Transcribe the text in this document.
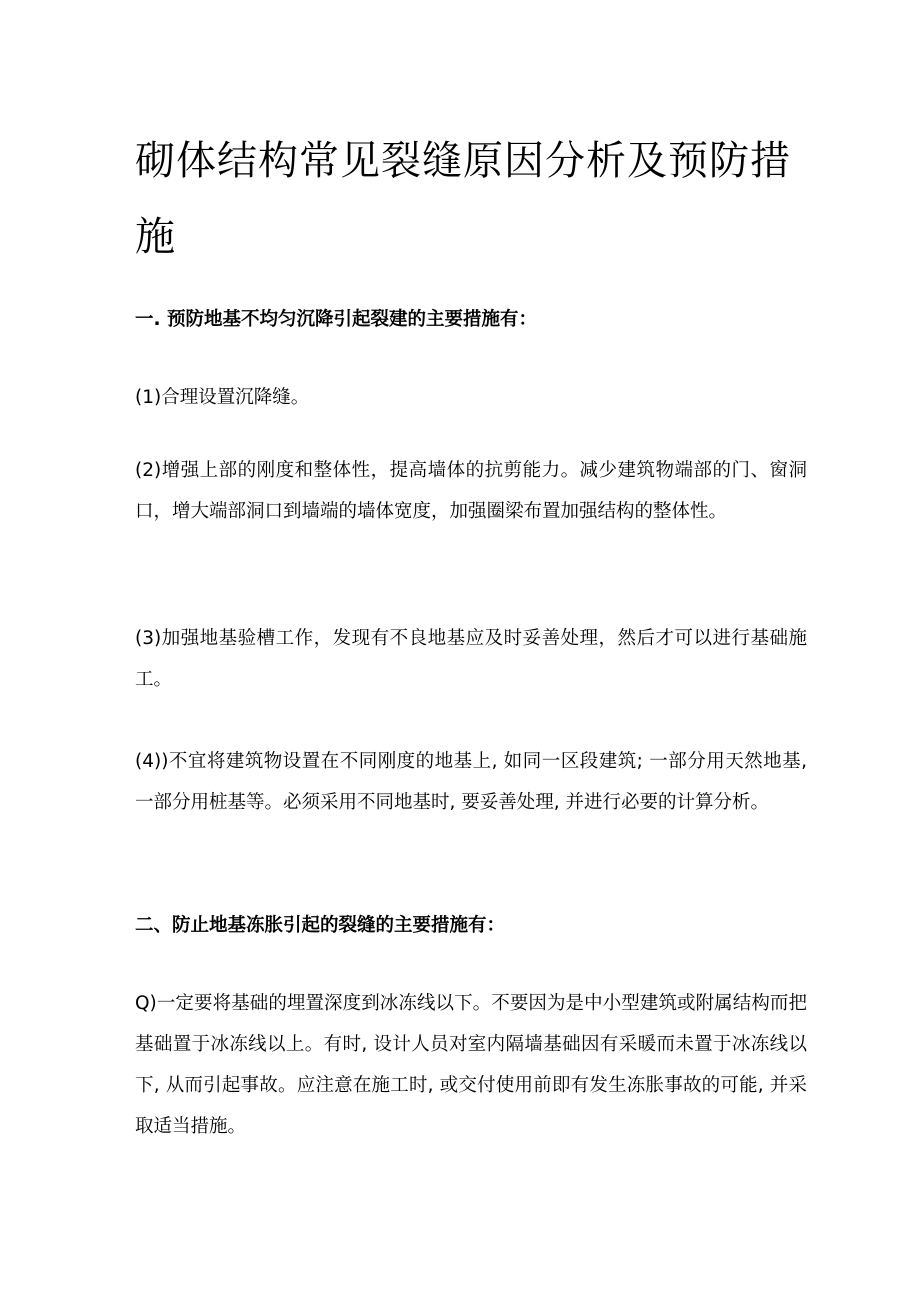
砌体结构常见裂缝原因分析及预防措施
一. 预防地基不均匀沉降引起裂建的主要措施有：

(1)合理设置沉降缝。

(2)增强上部的刚度和整体性，提高墙体的抗剪能力。减少建筑物端部的门、窗洞口，增大端部洞口到墙端的墙体宽度，加强圈梁布置加强结构的整体性。

(3)加强地基验槽工作，发现有不良地基应及时妥善处理，然后才可以进行基础施工。

(4))不宜将建筑物设置在不同刚度的地基上, 如同一区段建筑; 一部分用天然地基, 一部分用桩基等。必须采用不同地基时, 要妥善处理, 并进行必要的计算分析。

二、防止地基冻胀引起的裂缝的主要措施有：

Q)一定要将基础的埋置深度到冰冻线以下。不要因为是中小型建筑或附属结构而把基础置于冰冻线以上。有时, 设计人员对室内隔墙基础因有采暖而未置于冰冻线以下, 从而引起事故。应注意在施工时, 或交付使用前即有发生冻胀事故的可能, 并采取适当措施。
